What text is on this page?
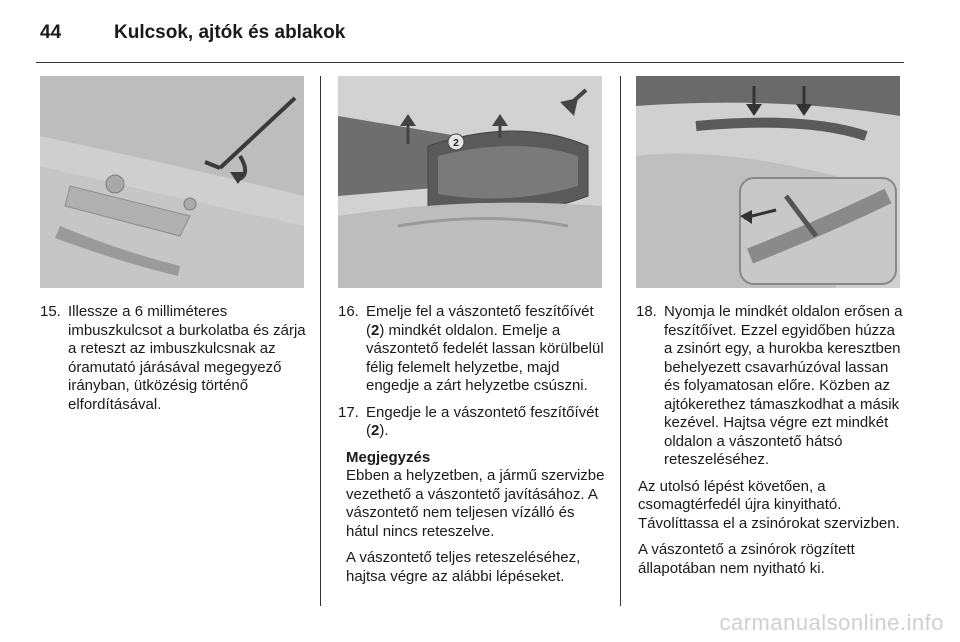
44	Kulcsok, ajtók és ablakok
2
15. Illessze a 6 milliméteres imbuszkulcsot a burkolatba és zárja a reteszt az imbuszkulcsnak az óramutató járásával megegyező irányban, ütközésig történő elfordításával.
16. Emelje fel a vászontető feszítőívét (2) mindkét oldalon. Emelje a vászontető fedelét lassan körülbelül félig felemelt helyzetbe, majd engedje a zárt helyzetbe csúszni.
17. Engedje le a vászontető feszítőívét (2).
Megjegyzés

Ebben a helyzetben, a jármű szervizbe vezethető a vászontető javításához. A vászontető nem teljesen vízálló és hátul nincs reteszelve.

A vászontető teljes reteszeléséhez, hajtsa végre az alábbi lépéseket.

18. Nyomja le mindkét oldalon erősen a feszítőívet. Ezzel egyidőben húzza a zsinórt egy, a hurokba keresztben behelyezett csavarhúzóval lassan és folyamatosan előre. Közben az ajtókerethez támaszkodhat a másik kezével. Hajtsa végre ezt mindkét oldalon a vászontető hátsó reteszeléséhez.

Az utolsó lépést követően, a csomagtérfedél újra kinyitható. Távolíttassa el a zsinórokat szervizben.

A vászontető a zsinórok rögzített állapotában nem nyitható ki.

carmanualsonline.info
